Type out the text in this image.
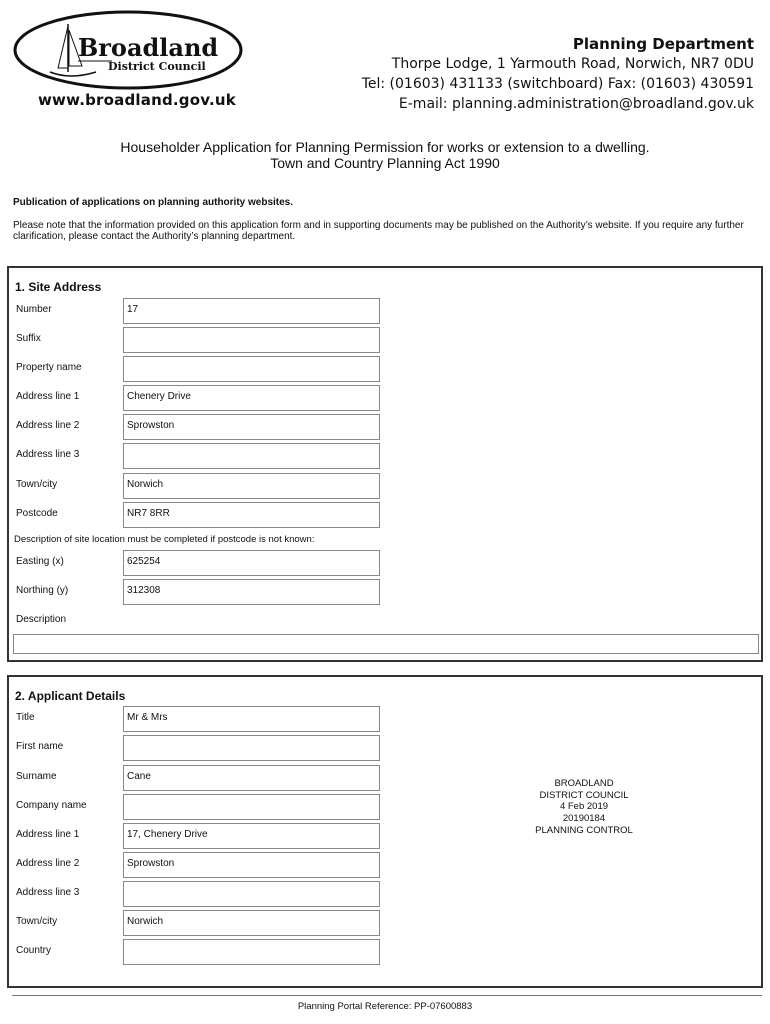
Broadland
District Council
www.broadland.gov.uk
Planning Department
Thorpe Lodge, 1 Yarmouth Road, Norwich, NR7 0DU
Tel: (01603) 431133 (switchboard) Fax: (01603) 430591
E-mail: planning.administration@broadland.gov.uk
Householder Application for Planning Permission for works or extension to a dwelling.
Town and Country Planning Act 1990
Publication of applications on planning authority websites.
Please note that the information provided on this application form and in supporting documents may be published on the Authority’s website. If you require any further clarification, please contact the Authority’s planning department.
1. Site Address
Number	17
Suffix
Property name
Address line 1	Chenery Drive
Address line 2	Sprowston
Address line 3
Town/city	Norwich
Postcode	NR7 8RR
Description of site location must be completed if postcode is not known:
Easting (x)	625254
Northing (y)	312308
Description
2. Applicant Details
Title	Mr & Mrs
First name
Surname	Cane
Company name
Address line 1	17, Chenery Drive
Address line 2	Sprowston
Address line 3
Town/city	Norwich
Country
BROADLAND
DISTRICT COUNCIL
4 Feb 2019
20190184
PLANNING CONTROL
Planning Portal Reference: PP-07600883
